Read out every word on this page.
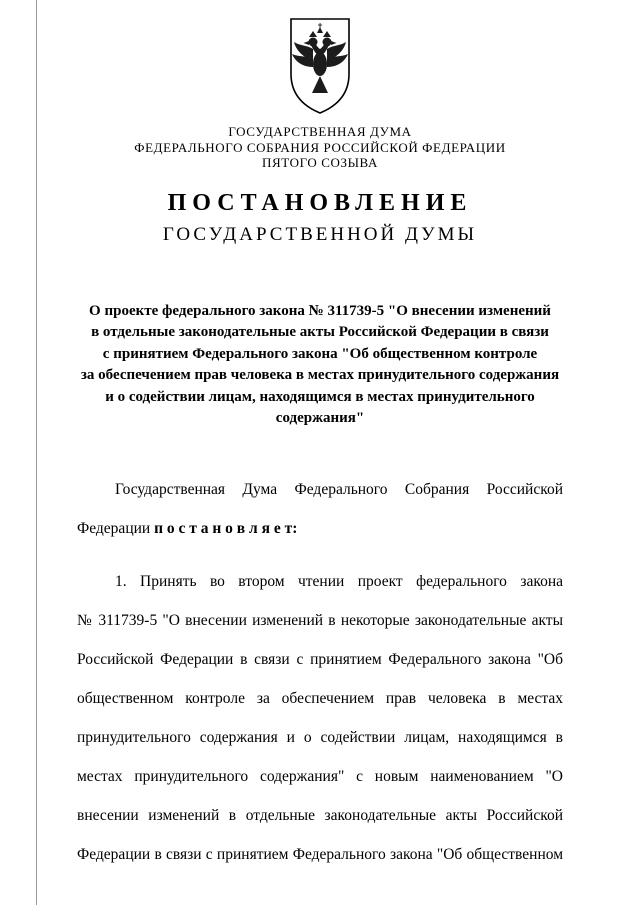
ГОСУДАРСТВЕННАЯ ДУМА
ФЕДЕРАЛЬНОГО СОБРАНИЯ РОССИЙСКОЙ ФЕДЕРАЦИИ
ПЯТОГО СОЗЫВА
ПОСТАНОВЛЕНИЕ
ГОСУДАРСТВЕННОЙ ДУМЫ
О проекте федерального закона № 311739-5 "О внесении изменений
в отдельные законодательные акты Российской Федерации в связи
с принятием Федерального закона "Об общественном контроле
за обеспечением прав человека в местах принудительного содержания
и о содействии лицам, находящимся в местах принудительного
содержания"
Государственная Дума Федерального Собрания Российской
Федерации п о с т а н о в л я е т:
1. Принять во втором чтении проект федерального закона
№ 311739-5 "О внесении изменений в некоторые законодательные акты
Российской Федерации в связи с принятием Федерального закона "Об
общественном контроле за обеспечением прав человека в местах
принудительного содержания и о содействии лицам, находящимся в
местах принудительного содержания" с новым наименованием "О
внесении изменений в отдельные законодательные акты Российской
Федерации в связи с принятием Федерального закона "Об общественном
